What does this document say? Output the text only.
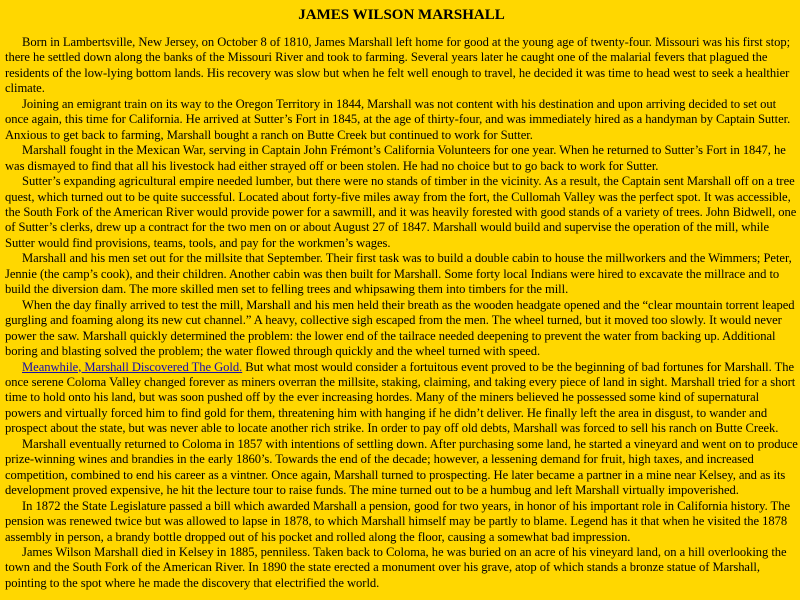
JAMES WILSON MARSHALL

Born in Lambertsville, New Jersey, on October 8 of 1810, James Marshall left home for good at the young age of twenty-four. Missouri was his first stop; there he settled down along the banks of the Missouri River and took to farming. Several years later he caught one of the malarial fevers that plagued the residents of the low-lying bottom lands. His recovery was slow but when he felt well enough to travel, he decided it was time to head west to seek a healthier climate.

Joining an emigrant train on its way to the Oregon Territory in 1844, Marshall was not content with his destination and upon arriving decided to set out once again, this time for California. He arrived at Sutter’s Fort in 1845, at the age of thirty-four, and was immediately hired as a handyman by Captain Sutter. Anxious to get back to farming, Marshall bought a ranch on Butte Creek but continued to work for Sutter.

Marshall fought in the Mexican War, serving in Captain John Frémont’s California Volunteers for one year. When he returned to Sutter’s Fort in 1847, he was dismayed to find that all his livestock had either strayed off or been stolen. He had no choice but to go back to work for Sutter.

Sutter’s expanding agricultural empire needed lumber, but there were no stands of timber in the vicinity. As a result, the Captain sent Marshall off on a tree quest, which turned out to be quite successful. Located about forty-five miles away from the fort, the Cullomah Valley was the perfect spot. It was accessible, the South Fork of the American River would provide power for a sawmill, and it was heavily forested with good stands of a variety of trees. John Bidwell, one of Sutter’s clerks, drew up a contract for the two men on or about August 27 of 1847. Marshall would build and supervise the operation of the mill, while Sutter would find provisions, teams, tools, and pay for the workmen’s wages.

Marshall and his men set out for the millsite that September. Their first task was to build a double cabin to house the millworkers and the Wimmers; Peter, Jennie (the camp’s cook), and their children. Another cabin was then built for Marshall. Some forty local Indians were hired to excavate the millrace and to build the diversion dam. The more skilled men set to felling trees and whipsawing them into timbers for the mill.

When the day finally arrived to test the mill, Marshall and his men held their breath as the wooden headgate opened and the “clear mountain torrent leaped gurgling and foaming along its new cut channel.” A heavy, collective sigh escaped from the men. The wheel turned, but it moved too slowly. It would never power the saw. Marshall quickly determined the problem: the lower end of the tailrace needed deepening to prevent the water from backing up. Additional boring and blasting solved the problem; the water flowed through quickly and the wheel turned with speed.

Meanwhile, Marshall Discovered The Gold. But what most would consider a fortuitous event proved to be the beginning of bad fortunes for Marshall. The once serene Coloma Valley changed forever as miners overran the millsite, staking, claiming, and taking every piece of land in sight. Marshall tried for a short time to hold onto his land, but was soon pushed off by the ever increasing hordes. Many of the miners believed he possessed some kind of supernatural powers and virtually forced him to find gold for them, threatening him with hanging if he didn’t deliver. He finally left the area in disgust, to wander and prospect about the state, but was never able to locate another rich strike. In order to pay off old debts, Marshall was forced to sell his ranch on Butte Creek.

Marshall eventually returned to Coloma in 1857 with intentions of settling down. After purchasing some land, he started a vineyard and went on to produce prize-winning wines and brandies in the early 1860’s. Towards the end of the decade; however, a lessening demand for fruit, high taxes, and increased competition, combined to end his career as a vintner. Once again, Marshall turned to prospecting. He later became a partner in a mine near Kelsey, and as its development proved expensive, he hit the lecture tour to raise funds. The mine turned out to be a humbug and left Marshall virtually impoverished.

In 1872 the State Legislature passed a bill which awarded Marshall a pension, good for two years, in honor of his important role in California history. The pension was renewed twice but was allowed to lapse in 1878, to which Marshall himself may be partly to blame. Legend has it that when he visited the 1878 assembly in person, a brandy bottle dropped out of his pocket and rolled along the floor, causing a somewhat bad impression.

James Wilson Marshall died in Kelsey in 1885, penniless. Taken back to Coloma, he was buried on an acre of his vineyard land, on a hill overlooking the town and the South Fork of the American River. In 1890 the state erected a monument over his grave, atop of which stands a bronze statue of Marshall, pointing to the spot where he made the discovery that electrified the world.
